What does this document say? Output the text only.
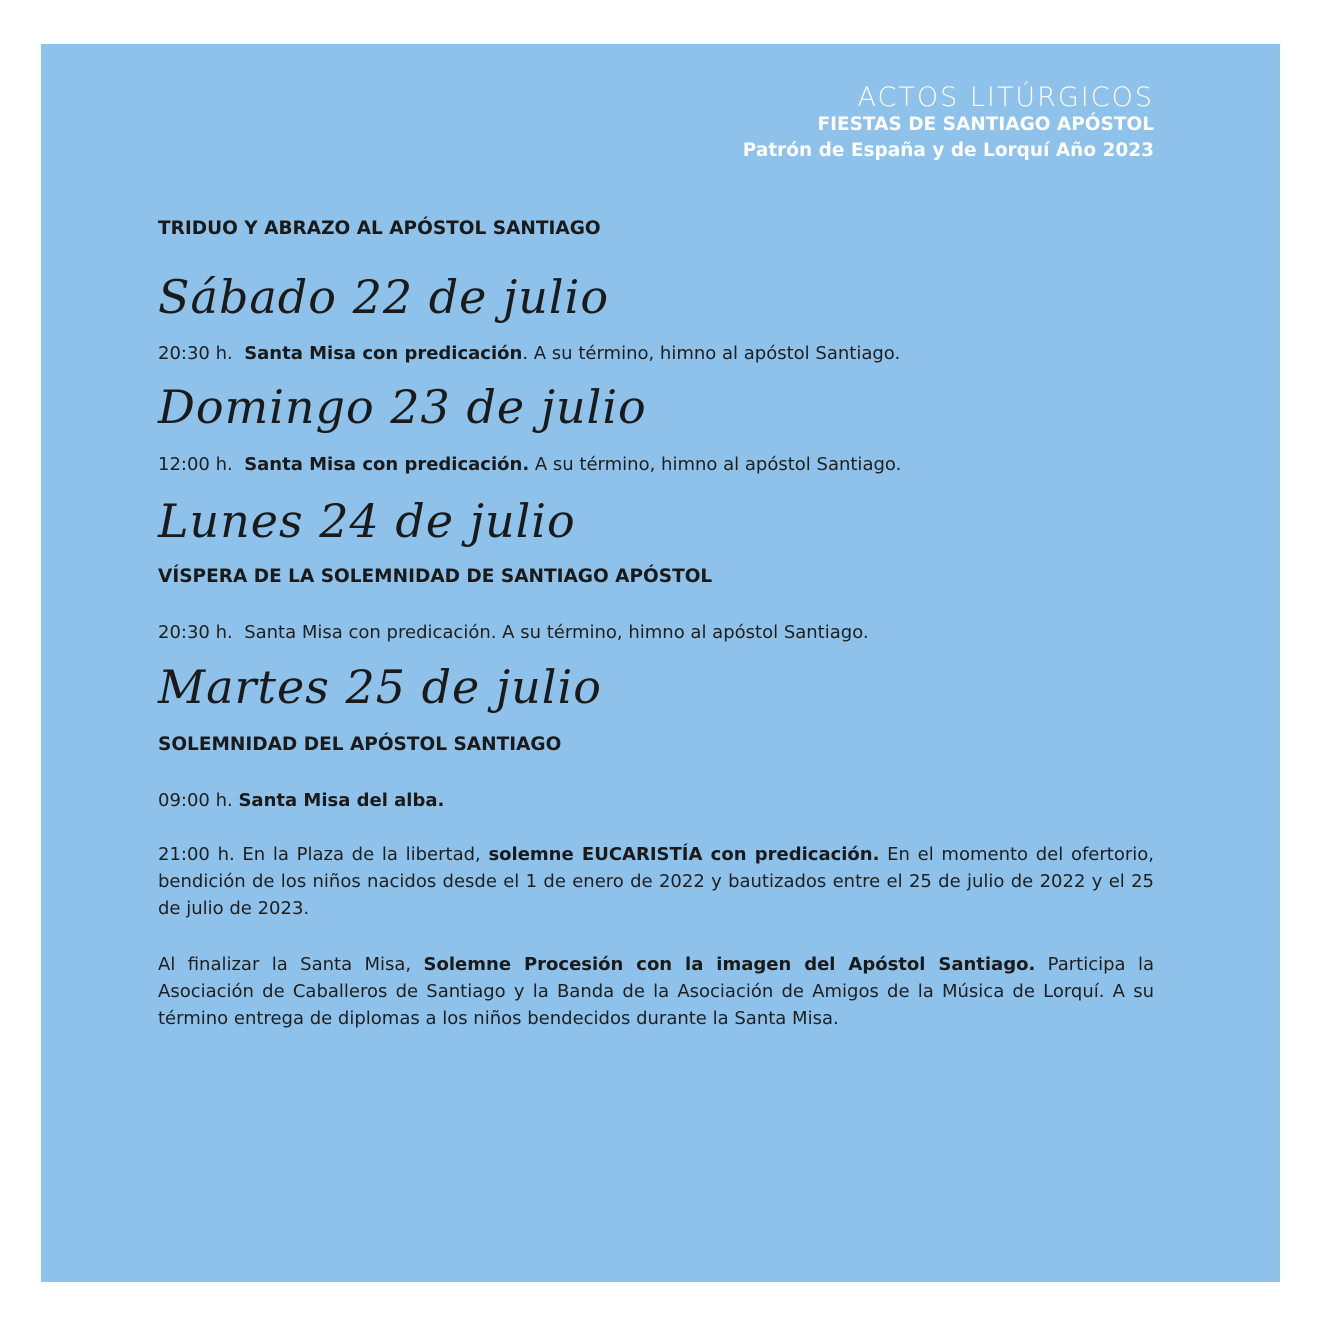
ACTOS LITÚRGICOS
FIESTAS DE SANTIAGO APÓSTOL
Patrón de España y de Lorquí Año 2023
TRIDUO Y ABRAZO AL APÓSTOL SANTIAGO
Sábado 22 de julio
20:30 h. Santa Misa con predicación. A su término, himno al apóstol Santiago.
Domingo 23 de julio
12:00 h. Santa Misa con predicación. A su término, himno al apóstol Santiago.
Lunes 24 de julio
VÍSPERA DE LA SOLEMNIDAD DE SANTIAGO APÓSTOL
20:30 h. Santa Misa con predicación. A su término, himno al apóstol Santiago.
Martes 25 de julio
SOLEMNIDAD DEL APÓSTOL SANTIAGO
09:00 h. Santa Misa del alba.
21:00 h. En la Plaza de la libertad, solemne EUCARISTÍA con predicación. En el momento del ofertorio, bendición de los niños nacidos desde el 1 de enero de 2022 y bautizados entre el 25 de julio de 2022 y el 25 de julio de 2023.
Al finalizar la Santa Misa, Solemne Procesión con la imagen del Apóstol Santiago. Participa la Asociación de Caballeros de Santiago y la Banda de la Asociación de Amigos de la Música de Lorquí. A su término entrega de diplomas a los niños bendecidos durante la Santa Misa.
